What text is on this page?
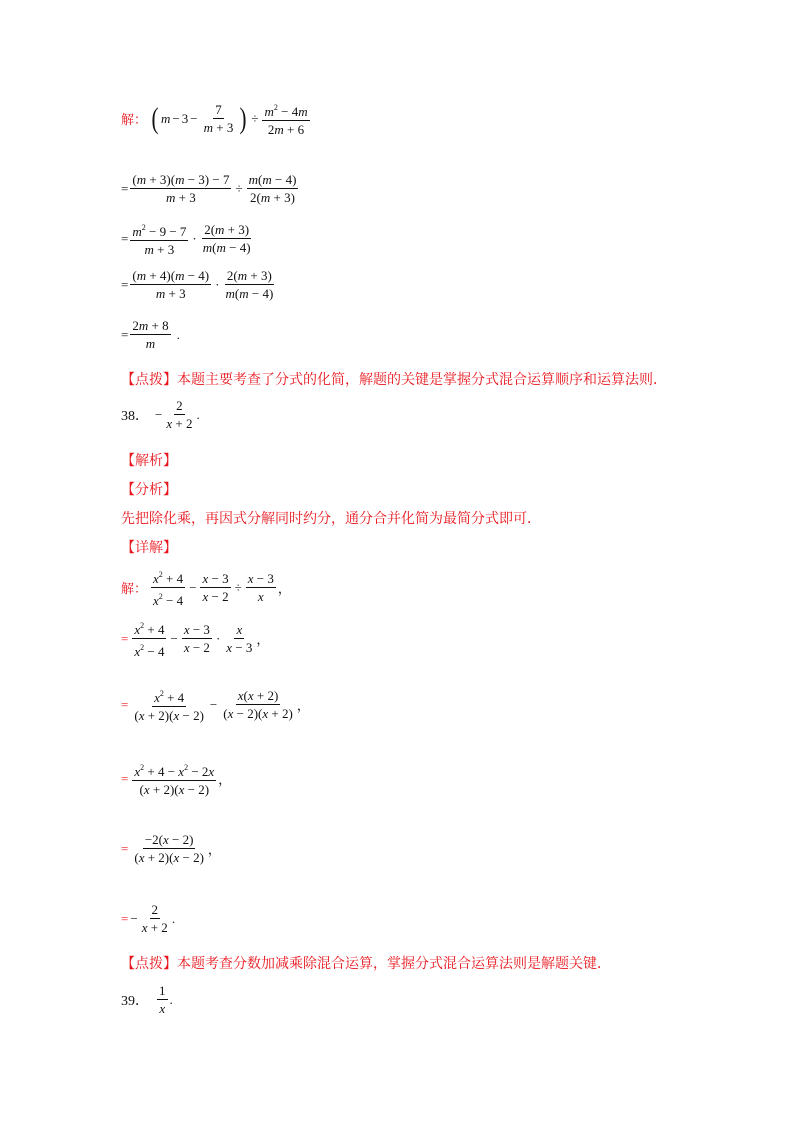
解： ( $m - 3 - \frac{7}{m + 3}$ ) ÷ $\frac{m^2 - 4m}{2m + 6}$
= $\frac{(m + 3)(m - 3) - 7}{m + 3} \div \frac{m(m - 4)}{2(m + 3)}$
= $\frac{m^2 - 9 - 7}{m + 3} \cdot \frac{2(m + 3)}{m(m - 4)}$
= $\frac{(m + 4)(m - 4)}{m + 3} \cdot \frac{2(m + 3)}{m(m - 4)}$
= $\frac{2m + 8}{m}$ .
【点拨】本题主要考查了分式的化简，解题的关键是掌握分式混合运算顺序和运算法则．
38． − $\frac{2}{x + 2}$ .
【解析】
【分析】
先把除化乘，再因式分解同时约分，通分合并化简为最简分式即可．
【详解】
解： $\frac{x^2 + 4}{x^2 - 4} - \frac{x - 3}{x - 2} \div \frac{x - 3}{x}$ ，
= $\frac{x^2 + 4}{x^2 - 4} - \frac{x - 3}{x - 2} \cdot \frac{x}{x - 3}$ ，
= $\frac{x^2 + 4}{(x + 2)(x - 2)} - \frac{x(x + 2)}{(x - 2)(x + 2)}$ ，
= $\frac{x^2 + 4 - x^2 - 2x}{(x + 2)(x - 2)}$ ，
= $\frac{-2(x - 2)}{(x + 2)(x - 2)}$ ，
= − $\frac{2}{x + 2}$ .
【点拨】本题考查分数加减乘除混合运算，掌握分式混合运算法则是解题关键．
39． $\frac{1}{x}$ .
